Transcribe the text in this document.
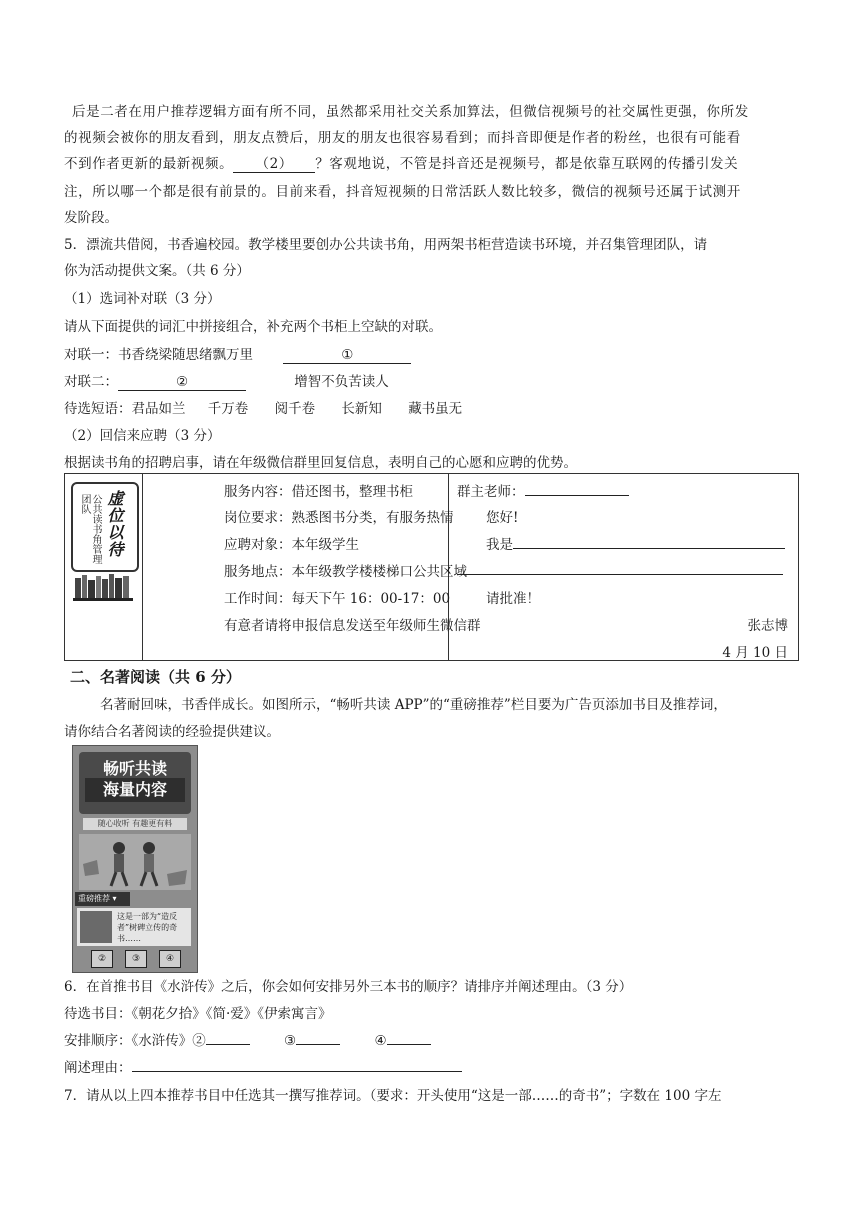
后是二者在用户推荐逻辑方面有所不同，虽然都采用社交关系加算法，但微信视频号的社交属性更强，你所发
的视频会被你的朋友看到，朋友点赞后，朋友的朋友也很容易看到；而抖音即便是作者的粉丝，也很有可能看
不到作者更新的最新视频。 （2） ？客观地说，不管是抖音还是视频号，都是依靠互联网的传播引发关
注，所以哪一个都是很有前景的。目前来看，抖音短视频的日常活跃人数比较多，微信的视频号还属于试测开
发阶段。
5．漂流共借阅，书香遍校园。教学楼里要创办公共读书角，用两架书柜营造读书环境，并召集管理团队，请
你为活动提供文案。（共 6 分）
（1）选词补对联（3 分）
请从下面提供的词汇中拼接组合，补充两个书柜上空缺的对联。
对联一：书香绕梁随思绪飘万里	①
对联二：	②	增智不负苦读人
待选短语：君品如兰 千万卷 阅千卷 长新知 藏书虽无
（2）回信来应聘（3 分）
根据读书角的招聘启事，请在年级微信群里回复信息，表明自己的心愿和应聘的优势。
公共读书角管理团队 虚位以待	服务内容：借还图书，整理书柜
岗位要求：熟悉图书分类，有服务热情
应聘对象：本年级学生
服务地点：本年级教学楼楼梯口公共区域
工作时间：每天下午 16：00-17：00
有意者请将申报信息发送至年级师生微信群

群主老师：
您好!
我是
请批准！
张志博
4 月 10 日
二、名著阅读（共 6 分）
名著耐回味，书香伴成长。如图所示，“畅听共读 APP”的“重磅推荐”栏目要为广告页添加书目及推荐词，
请你结合名著阅读的经验提供建议。
畅听共读
海量内容
随心收听 有趣更有料
重磅推荐 ▾
这是一部为“造反者”树碑立传的奇书……
②	③	④
6．在首推书目《水浒传》之后，你会如何安排另外三本书的顺序？请排序并阐述理由。（3 分）
待选书目：《朝花夕拾》《简·爱》《伊索寓言》
安排顺序：《水浒传》②	③	④
阐述理由：
7．请从以上四本推荐书目中任选其一撰写推荐词。（要求：开头使用“这是一部……的奇书”；字数在 100 字左
